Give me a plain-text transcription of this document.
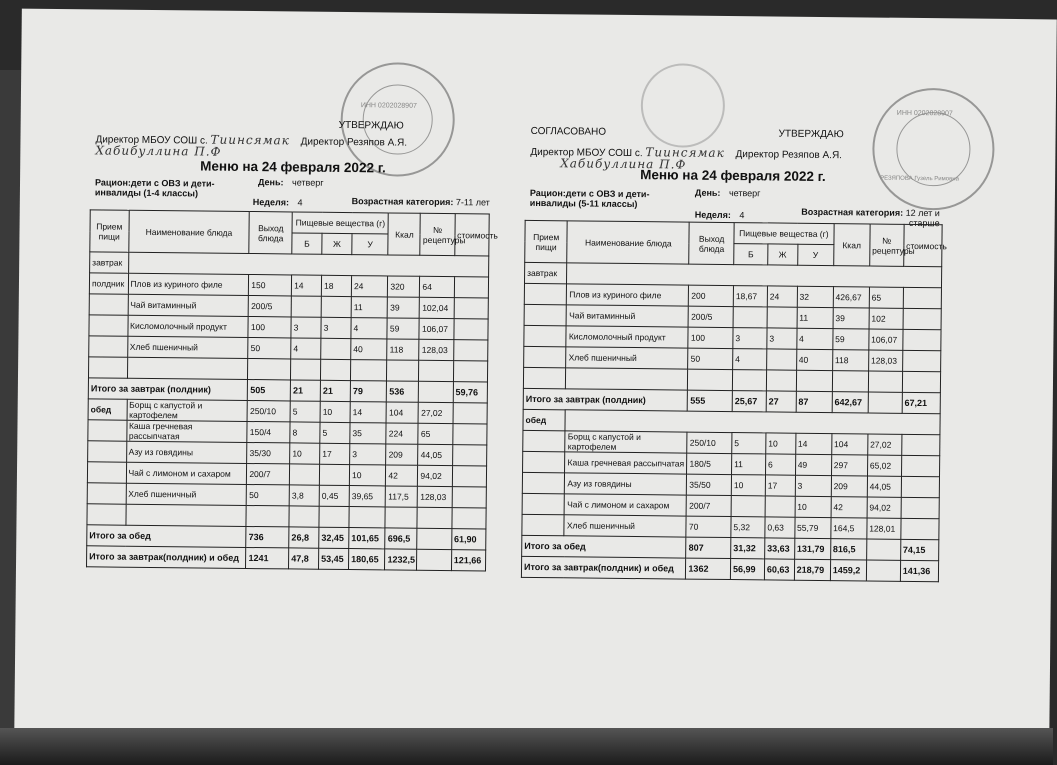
ИНН 0202028907
УТВЕРЖДАЮ
Директор МБОУ СОШ с. Тиинсямак Директор Резяпов А.Я.
Хабибуллина П.Ф
Меню на 24 февраля 2022 г.
Рацион:дети с ОВЗ и дети-инвалиды (1-4 классы)
День: четверг
Неделя: 4	Возрастная категория: 7-11 лет
Прием пищи	Наименование блюда	Выход блюда	Пищевые вещества (г)			Ккал	№ рецептуры	стоимость
			Б	Ж	У			
завтрак								
полдник	Плов из куриного филе	150	14	18	24	320	64	
	Чай витаминный	200/5			11	39	102,04	
	Кисломолочный продукт	100	3	3	4	59	106,07	
	Хлеб пшеничный	50	4		40	118	128,03	

Итого за завтрак (полдник)		505	21	21	79	536		59,76
обед	Борщ с капустой и картофелем	250/10	5	10	14	104	27,02	
	Каша гречневая рассыпчатая	150/4	8	5	35	224	65	
	Азу из говядины	35/30	10	17	3	209	44,05	
	Чай с лимоном и сахаром	200/7			10	42	94,02	
	Хлеб пшеничный	50	3,8	0,45	39,65	117,5	128,03	

Итого за обед		736	26,8	32,45	101,65	696,5		61,90
Итого за завтрак(полдник) и обед		1241	47,8	53,45	180,65	1232,5		121,66
ИНН 0202028907
РЕЗЯПОВА Гузель Римовна
СОГЛАСОВАНО	УТВЕРЖДАЮ
Директор МБОУ СОШ с. Тиинсямак Директор Резяпов А.Я.
Хабибуллина П.Ф
Меню на 24 февраля 2022 г.
Рацион:дети с ОВЗ и дети-инвалиды (5-11 классы)
День: четверг
Неделя: 4	Возрастная категория: 12 лет и старше
Прием пищи	Наименование блюда	Выход блюда	Пищевые вещества (г)			Ккал	№ рецептуры	стоимость
			Б	Ж	У			
завтрак								
	Плов из куриного филе	200	18,67	24	32	426,67	65	
	Чай витаминный	200/5			11	39	102	
	Кисломолочный продукт	100	3	3	4	59	106,07	
	Хлеб пшеничный	50	4		40	118	128,03	

Итого за завтрак (полдник)		555	25,67	27	87	642,67		67,21
обед								
	Борщ с капустой и картофелем	250/10	5	10	14	104	27,02	
	Каша гречневая рассыпчатая	180/5	11	6	49	297	65,02	
	Азу из говядины	35/50	10	17	3	209	44,05	
	Чай с лимоном и сахаром	200/7			10	42	94,02	
	Хлеб пшеничный	70	5,32	0,63	55,79	164,5	128,01	
Итого за обед		807	31,32	33,63	131,79	816,5		74,15
Итого за завтрак(полдник) и обед		1362	56,99	60,63	218,79	1459,2		141,36
